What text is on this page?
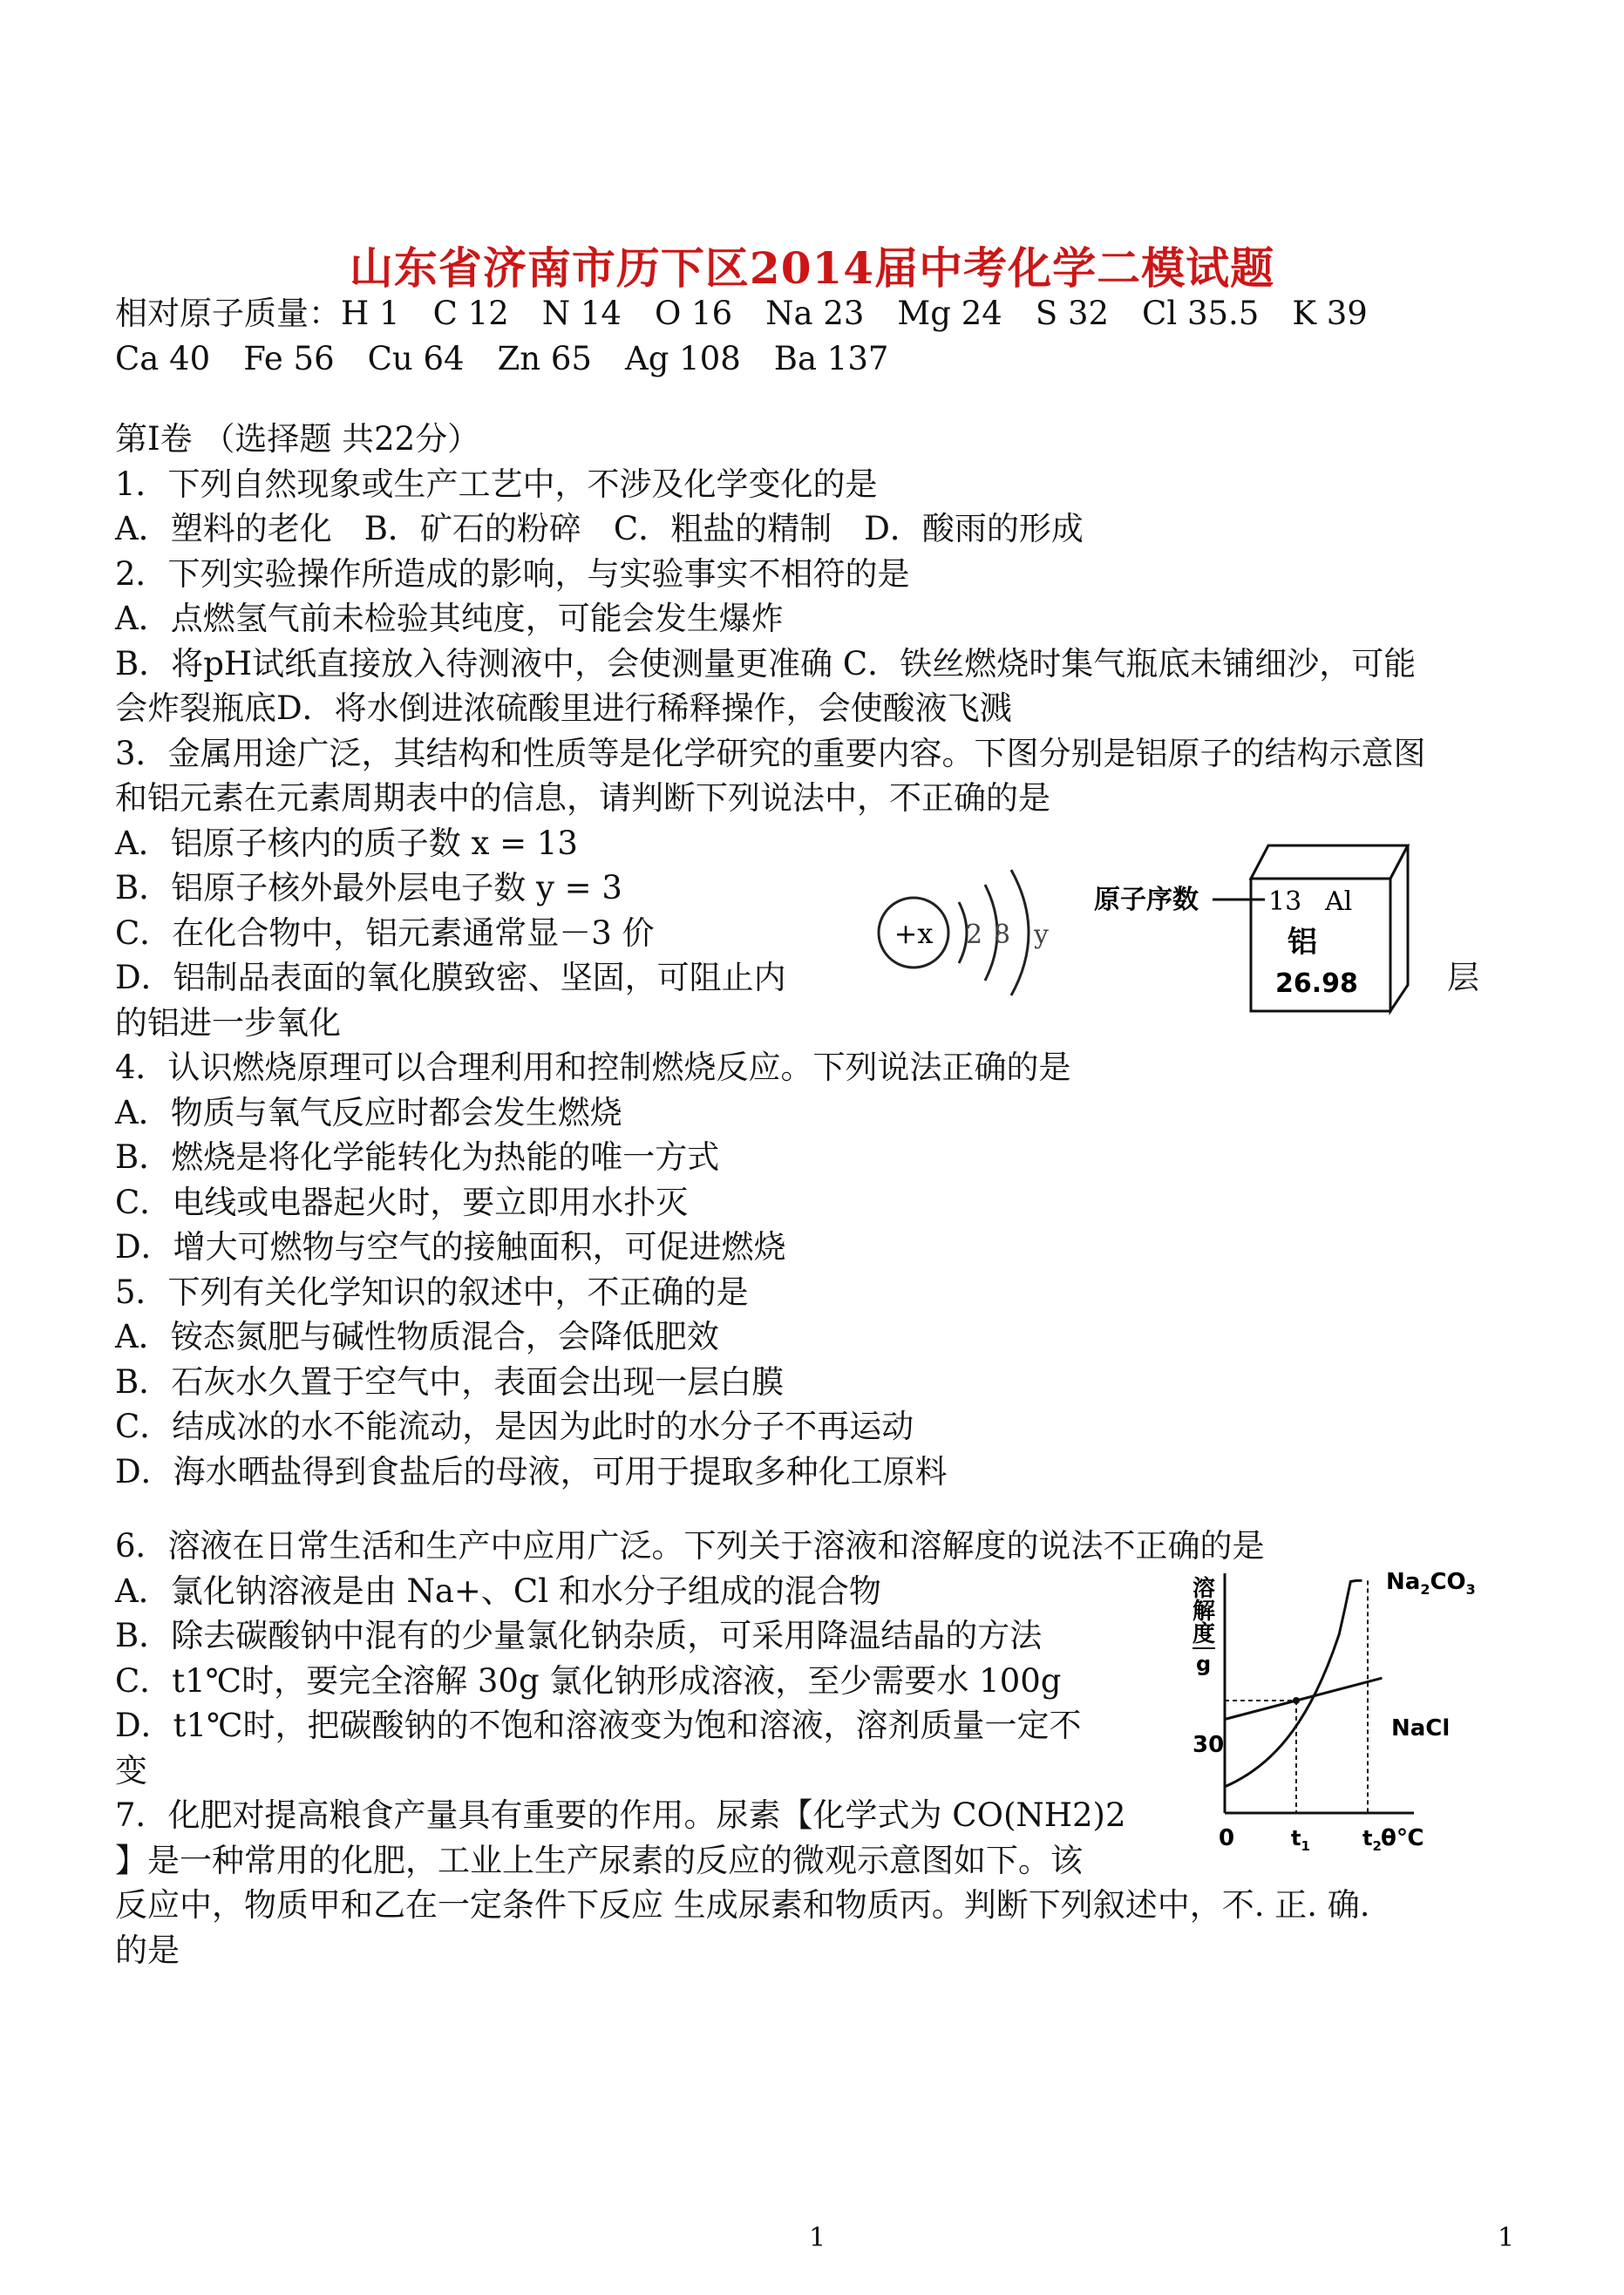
山东省济南市历下区2014届中考化学二模试题
相对原子质量：H 1 C 12 N 14 O 16 Na 23 Mg 24 S 32 Cl 35.5 K 39
Ca 40 Fe 56 Cu 64 Zn 65 Ag 108 Ba 137
第Ⅰ卷 （选择题 共22分）
1．下列自然现象或生产工艺中，不涉及化学变化的是
A．塑料的老化　B．矿石的粉碎　C．粗盐的精制　D．酸雨的形成
2．下列实验操作所造成的影响，与实验事实不相符的是
A．点燃氢气前未检验其纯度，可能会发生爆炸
B．将pH试纸直接放入待测液中，会使测量更准确 C．铁丝燃烧时集气瓶底未铺细沙，可能
会炸裂瓶底D．将水倒进浓硫酸里进行稀释操作，会使酸液飞溅
3．金属用途广泛，其结构和性质等是化学研究的重要内容。下图分别是铝原子的结构示意图
和铝元素在元素周期表中的信息，请判断下列说法中，不正确的是
A．铝原子核内的质子数 x = 13
B．铝原子核外最外层电子数 y = 3
C．在化合物中，铝元素通常显－3 价
D．铝制品表面的氧化膜致密、坚固，可阻止内	层
的铝进一步氧化
+x 2 8 y
原子序数	13 Al
铝
26.98
4．认识燃烧原理可以合理利用和控制燃烧反应。下列说法正确的是
A．物质与氧气反应时都会发生燃烧
B．燃烧是将化学能转化为热能的唯一方式
C．电线或电器起火时，要立即用水扑灭
D．增大可燃物与空气的接触面积，可促进燃烧
5．下列有关化学知识的叙述中，不正确的是
A．铵态氮肥与碱性物质混合，会降低肥效
B．石灰水久置于空气中，表面会出现一层白膜
C．结成冰的水不能流动，是因为此时的水分子不再运动
D．海水晒盐得到食盐后的母液，可用于提取多种化工原料
6．溶液在日常生活和生产中应用广泛。下列关于溶液和溶解度的说法不正确的是
A．氯化钠溶液是由 Na+、Cl 和水分子组成的混合物
B．除去碳酸钠中混有的少量氯化钠杂质，可采用降温结晶的方法
C．t1℃时，要完全溶解 30g 氯化钠形成溶液，至少需要水 100g
D．t1℃时，把碳酸钠的不饱和溶液变为饱和溶液，溶剂质量一定不
变
7．化肥对提高粮食产量具有重要的作用。尿素【化学式为 CO(NH2)2
】是一种常用的化肥，工业上生产尿素的反应的微观示意图如下。该
反应中，物质甲和乙在一定条件下反应 生成尿素和物质丙。判断下列叙述中，不. 正. 确.
的是
溶
解
度
g
30
0	$t_1$	$t_2$ θ℃
$Na_2CO_3$
NaCl
1	1
